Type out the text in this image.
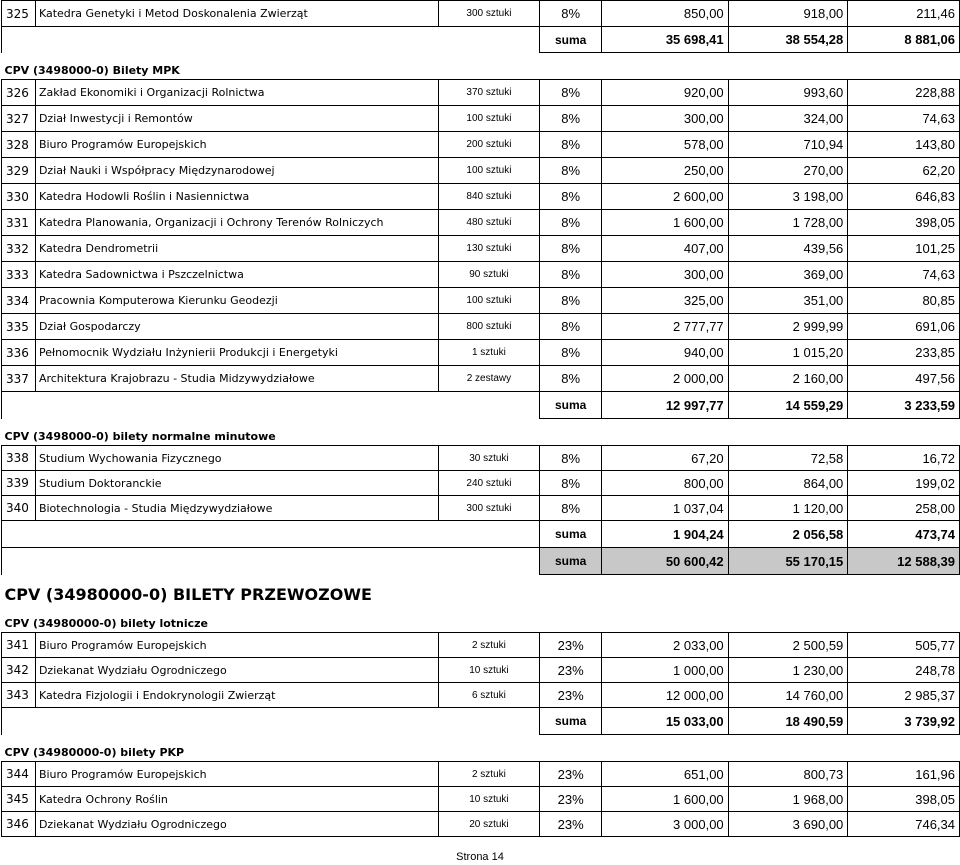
325	Katedra Genetyki i Metod Doskonalenia Zwierząt	300 sztuki	8%	850,00	918,00	211,46
			suma	35 698,41	38 554,28	8 881,06
CPV (3498000-0) Bilety MPK						
326	Zakład Ekonomiki i Organizacji Rolnictwa	370 sztuki	8%	920,00	993,60	228,88
327	Dział Inwestycji i Remontów	100 sztuki	8%	300,00	324,00	74,63
328	Biuro Programów Europejskich	200 sztuki	8%	578,00	710,94	143,80
329	Dział Nauki i Współpracy Międzynarodowej	100 sztuki	8%	250,00	270,00	62,20
330	Katedra Hodowli Roślin i Nasiennictwa	840 sztuki	8%	2 600,00	3 198,00	646,83
331	Katedra Planowania, Organizacji i Ochrony Terenów Rolniczych	480 sztuki	8%	1 600,00	1 728,00	398,05
332	Katedra Dendrometrii	130 sztuki	8%	407,00	439,56	101,25
333	Katedra Sadownictwa i Pszczelnictwa	90 sztuki	8%	300,00	369,00	74,63
334	Pracownia Komputerowa Kierunku Geodezji	100 sztuki	8%	325,00	351,00	80,85
335	Dział Gospodarczy	800 sztuki	8%	2 777,77	2 999,99	691,06
336	Pełnomocnik Wydziału Inżynierii Produkcji i Energetyki	1 sztuki	8%	940,00	1 015,20	233,85
337	Architektura Krajobrazu - Studia Midzywydziałowe	2 zestawy	8%	2 000,00	2 160,00	497,56
			suma	12 997,77	14 559,29	3 233,59
CPV (3498000-0) bilety normalne minutowe						
338	Studium Wychowania Fizycznego	30 sztuki	8%	67,20	72,58	16,72
339	Studium Doktoranckie	240 sztuki	8%	800,00	864,00	199,02
340	Biotechnologia - Studia Międzywydziałowe	300 sztuki	8%	1 037,04	1 120,00	258,00
			suma	1 904,24	2 056,58	473,74
			suma	50 600,42	55 170,15	12 588,39
CPV (34980000-0) BILETY PRZEWOZOWE						
CPV (34980000-0) bilety lotnicze						
341	Biuro Programów Europejskich	2 sztuki	23%	2 033,00	2 500,59	505,77
342	Dziekanat Wydziału Ogrodniczego	10 sztuki	23%	1 000,00	1 230,00	248,78
343	Katedra Fizjologii i Endokrynologii Zwierząt	6 sztuki	23%	12 000,00	14 760,00	2 985,37
			suma	15 033,00	18 490,59	3 739,92
CPV (34980000-0) bilety PKP						
344	Biuro Programów Europejskich	2 sztuki	23%	651,00	800,73	161,96
345	Katedra Ochrony Roślin	10 sztuki	23%	1 600,00	1 968,00	398,05
346	Dziekanat Wydziału Ogrodniczego	20 sztuki	23%	3 000,00	3 690,00	746,34
Strona 14
